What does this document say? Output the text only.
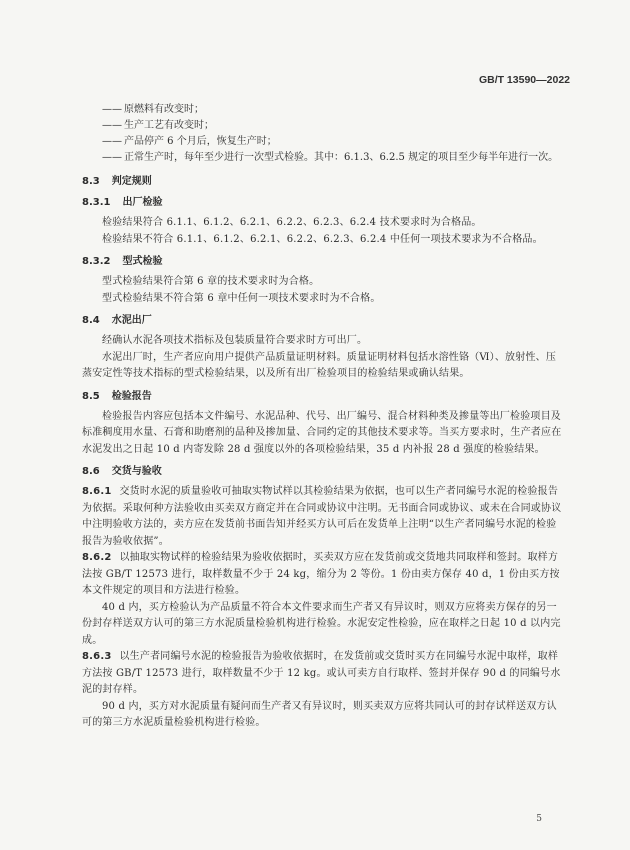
GB/T 13590—2022
—— 原燃料有改变时；
—— 生产工艺有改变时；
—— 产品停产 6 个月后，恢复生产时；
—— 正常生产时，每年至少进行一次型式检验。其中：6.1.3、6.2.5 规定的项目至少每半年进行一次。
8.3 判定规则
8.3.1 出厂检验

检验结果符合 6.1.1、6.1.2、6.2.1、6.2.2、6.2.3、6.2.4 技术要求时为合格品。

检验结果不符合 6.1.1、6.1.2、6.2.1、6.2.2、6.2.3、6.2.4 中任何一项技术要求为不合格品。

8.3.2 型式检验

型式检验结果符合第 6 章的技术要求时为合格。

型式检验结果不符合第 6 章中任何一项技术要求时为不合格。

8.4 水泥出厂

经确认水泥各项技术指标及包装质量符合要求时方可出厂。

水泥出厂时，生产者应向用户提供产品质量证明材料。质量证明材料包括水溶性铬（Ⅵ）、放射性、压蒸安定性等技术指标的型式检验结果，以及所有出厂检验项目的检验结果或确认结果。

8.5 检验报告

检验报告内容应包括本文件编号、水泥品种、代号、出厂编号、混合材料种类及掺量等出厂检验项目及标准稠度用水量、石膏和助磨剂的品种及掺加量、合同约定的其他技术要求等。当买方要求时，生产者应在水泥发出之日起 10 d 内寄发除 28 d 强度以外的各项检验结果，35 d 内补报 28 d 强度的检验结果。

8.6 交货与验收

8.6.1 交货时水泥的质量验收可抽取实物试样以其检验结果为依据，也可以生产者同编号水泥的检验报告为依据。采取何种方法验收由买卖双方商定并在合同或协议中注明。无书面合同或协议、或未在合同或协议中注明验收方法的，卖方应在发货前书面告知并经买方认可后在发货单上注明“以生产者同编号水泥的检验报告为验收依据”。

8.6.2 以抽取实物试样的检验结果为验收依据时，买卖双方应在发货前或交货地共同取样和签封。取样方法按 GB/T 12573 进行，取样数量不少于 24 kg，缩分为 2 等份。1 份由卖方保存 40 d，1 份由买方按本文件规定的项目和方法进行检验。

40 d 内，买方检验认为产品质量不符合本文件要求而生产者又有异议时，则双方应将卖方保存的另一份封存样送双方认可的第三方水泥质量检验机构进行检验。水泥安定性检验，应在取样之日起 10 d 以内完成。

8.6.3 以生产者同编号水泥的检验报告为验收依据时，在发货前或交货时买方在同编号水泥中取样，取样方法按 GB/T 12573 进行，取样数量不少于 12 kg。或认可卖方自行取样、签封并保存 90 d 的同编号水泥的封存样。

90 d 内，买方对水泥质量有疑问而生产者又有异议时，则买卖双方应将共同认可的封存试样送双方认可的第三方水泥质量检验机构进行检验。

5
